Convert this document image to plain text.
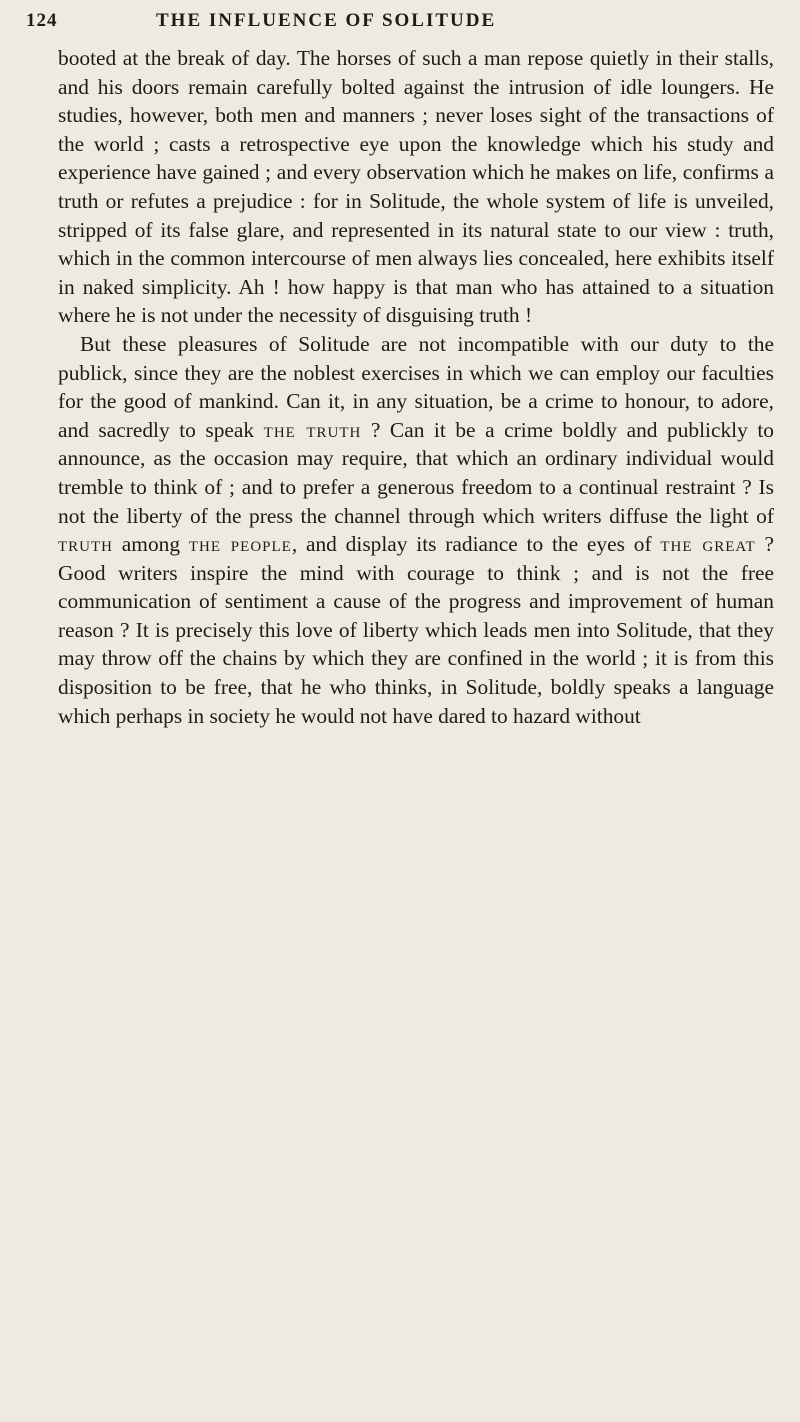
124	THE INFLUENCE OF SOLITUDE

booted at the break of day. The horses of such a man repose quietly in their stalls, and his doors remain carefully bolted against the intrusion of idle loungers. He studies, however, both men and manners ; never loses sight of the transactions of the world ; casts a retrospective eye upon the knowledge which his study and experience have gained ; and every observation which he makes on life, confirms a truth or refutes a prejudice : for in Solitude, the whole system of life is unveiled, stripped of its false glare, and represented in its natural state to our view : truth, which in the common intercourse of men always lies concealed, here exhibits itself in naked simplicity. Ah ! how happy is that man who has attained to a situation where he is not under the necessity of disguising truth !

But these pleasures of Solitude are not incompatible with our duty to the publick, since they are the noblest exercises in which we can employ our faculties for the good of mankind. Can it, in any situation, be a crime to honour, to adore, and sacredly to speak the truth ? Can it be a crime boldly and publickly to announce, as the occasion may require, that which an ordinary individual would tremble to think of ; and to prefer a generous freedom to a continual restraint ? Is not the liberty of the press the channel through which writers diffuse the light of truth among the people, and display its radiance to the eyes of the great ? Good writers inspire the mind with courage to think ; and is not the free communication of sentiment a cause of the progress and improvement of human reason ? It is precisely this love of liberty which leads men into Solitude, that they may throw off the chains by which they are confined in the world ; it is from this disposition to be free, that he who thinks, in Solitude, boldly speaks a language which perhaps in society he would not have dared to hazard without
